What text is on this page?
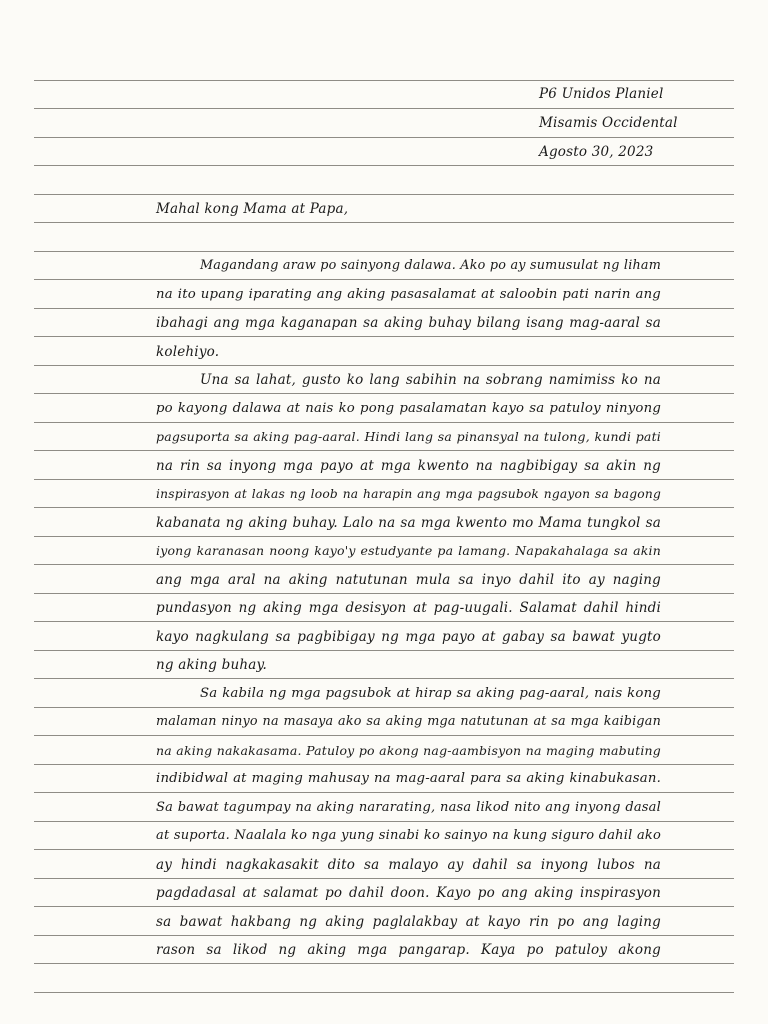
P6 Unidos Planiel
Misamis Occidental
Agosto 30, 2023
Mahal kong Mama at Papa,
Magandang araw po sainyong dalawa. Ako po ay sumusulat ng liham
na ito upang iparating ang aking pasasalamat at saloobin pati narin ang
ibahagi ang mga kaganapan sa aking buhay bilang isang mag-aaral sa
kolehiyo.
Una sa lahat, gusto ko lang sabihin na sobrang namimiss ko na
po kayong dalawa at nais ko pong pasalamatan kayo sa patuloy ninyong
pagsuporta sa aking pag-aaral. Hindi lang sa pinansyal na tulong, kundi pati
na rin sa inyong mga payo at mga kwento na nagbibigay sa akin ng
inspirasyon at lakas ng loob na harapin ang mga pagsubok ngayon sa bagong
kabanata ng aking buhay. Lalo na sa mga kwento mo Mama tungkol sa
iyong karanasan noong kayo'y estudyante pa lamang. Napakahalaga sa akin
ang mga aral na aking natutunan mula sa inyo dahil ito ay naging
pundasyon ng aking mga desisyon at pag-uugali. Salamat dahil hindi
kayo nagkulang sa pagbibigay ng mga payo at gabay sa bawat yugto
ng aking buhay.
Sa kabila ng mga pagsubok at hirap sa aking pag-aaral, nais kong
malaman ninyo na masaya ako sa aking mga natutunan at sa mga kaibigan
na aking nakakasama. Patuloy po akong nag-aambisyon na maging mabuting
indibidwal at maging mahusay na mag-aaral para sa aking kinabukasan.
Sa bawat tagumpay na aking nararating, nasa likod nito ang inyong dasal
at suporta. Naalala ko nga yung sinabi ko sainyo na kung siguro dahil ako
ay hindi nagkakasakit dito sa malayo ay dahil sa inyong lubos na
pagdadasal at salamat po dahil doon. Kayo po ang aking inspirasyon
sa bawat hakbang ng aking paglalakbay at kayo rin po ang laging
rason sa likod ng aking mga pangarap. Kaya po patuloy akong
